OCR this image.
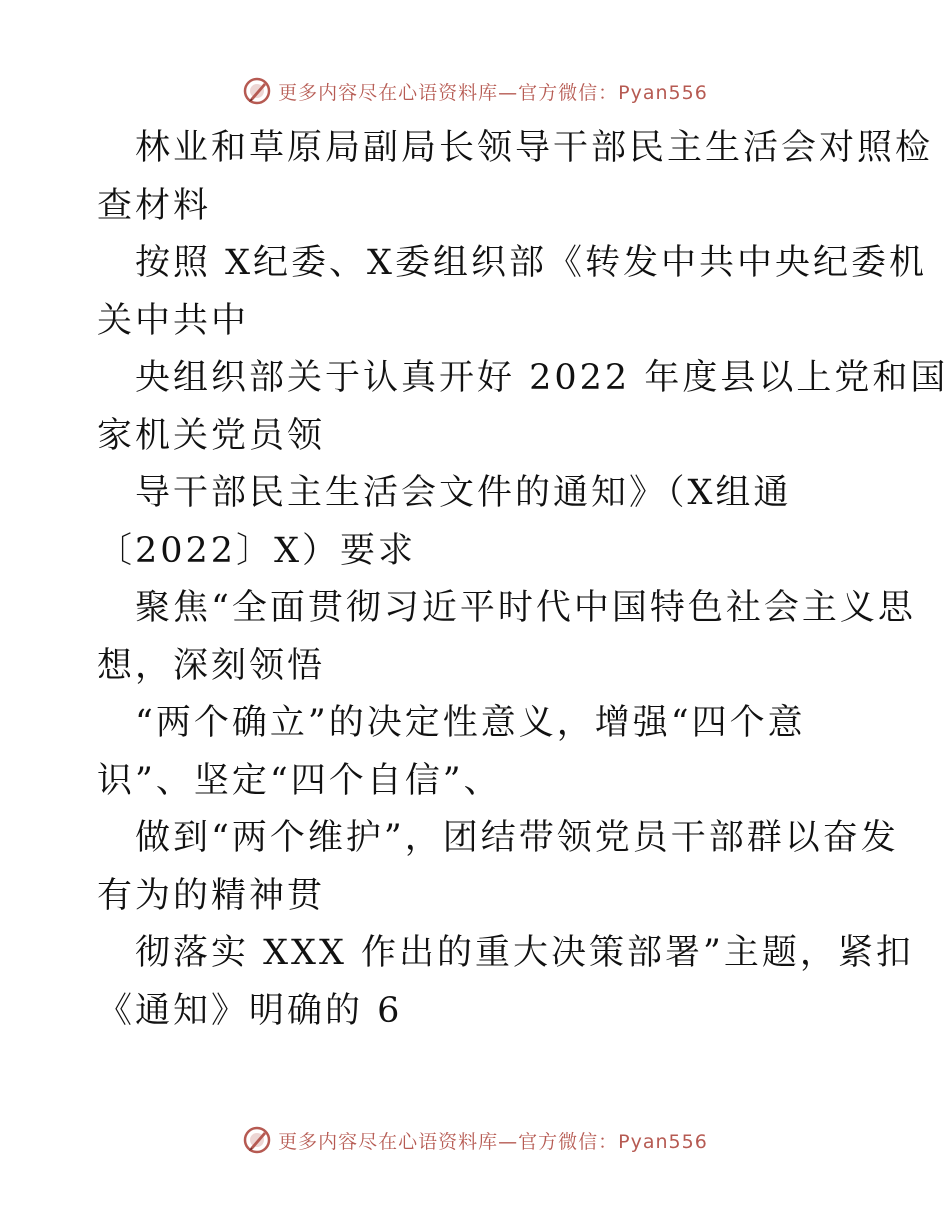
更多内容尽在心语资料库—官方微信：Pyan556
林业和草原局副局长领导干部民主生活会对照检
查材料
按照 X纪委、X委组织部《转发中共中央纪委机
关中共中
央组织部关于认真开好 2022 年度县以上党和国
家机关党员领
导干部民主生活会文件的通知》（X组通
〔2022〕X）要求
聚焦“全面贯彻习近平时代中国特色社会主义思
想，深刻领悟
“两个确立”的决定性意义，增强“四个意
识”、坚定“四个自信”、
做到“两个维护”，团结带领党员干部群以奋发
有为的精神贯
彻落实 XXX 作出的重大决策部署”主题，紧扣
《通知》明确的 6
更多内容尽在心语资料库—官方微信：Pyan556
